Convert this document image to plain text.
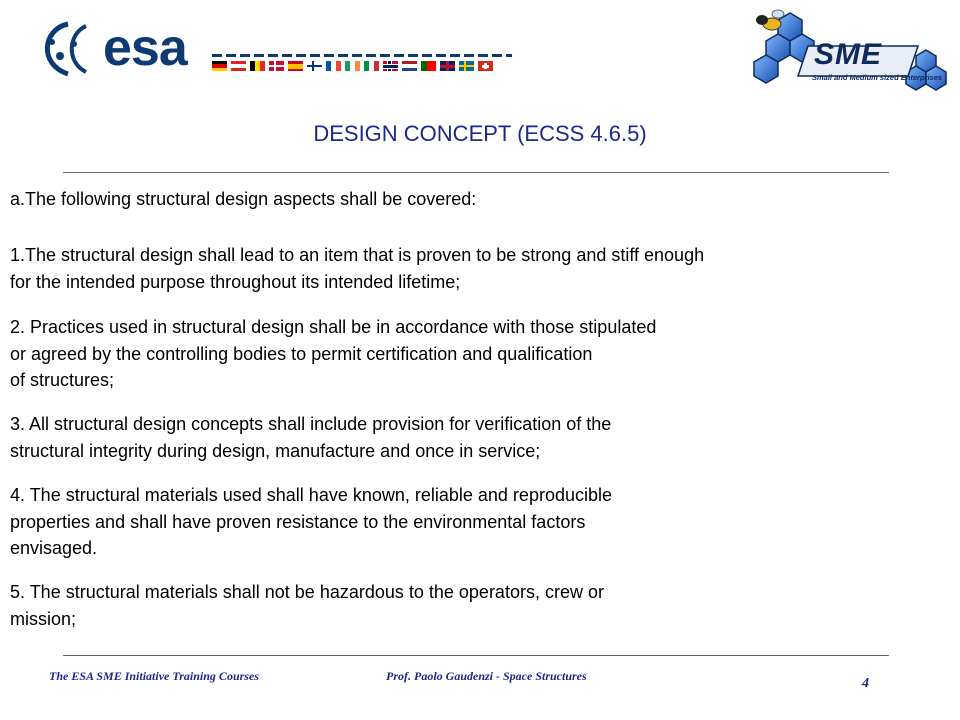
esa	SME
Small and Medium sized Enterprises
DESIGN CONCEPT (ECSS 4.6.5)
a.The following structural design aspects shall be covered:
1.The structural design shall lead to an item that is proven to be strong and stiff enough
for the intended purpose throughout its intended lifetime;
2. Practices used in structural design shall be in accordance with those stipulated
or agreed by the controlling bodies to permit certification and qualification
of structures;
3. All structural design concepts shall include provision for verification of the
structural integrity during design, manufacture and once in service;
4. The structural materials used shall have known, reliable and reproducible
properties and shall have proven resistance to the environmental factors
envisaged.
5. The structural materials shall not be hazardous to the operators, crew or
mission;
The ESA SME Initiative Training Courses	Prof. Paolo Gaudenzi - Space Structures	4
